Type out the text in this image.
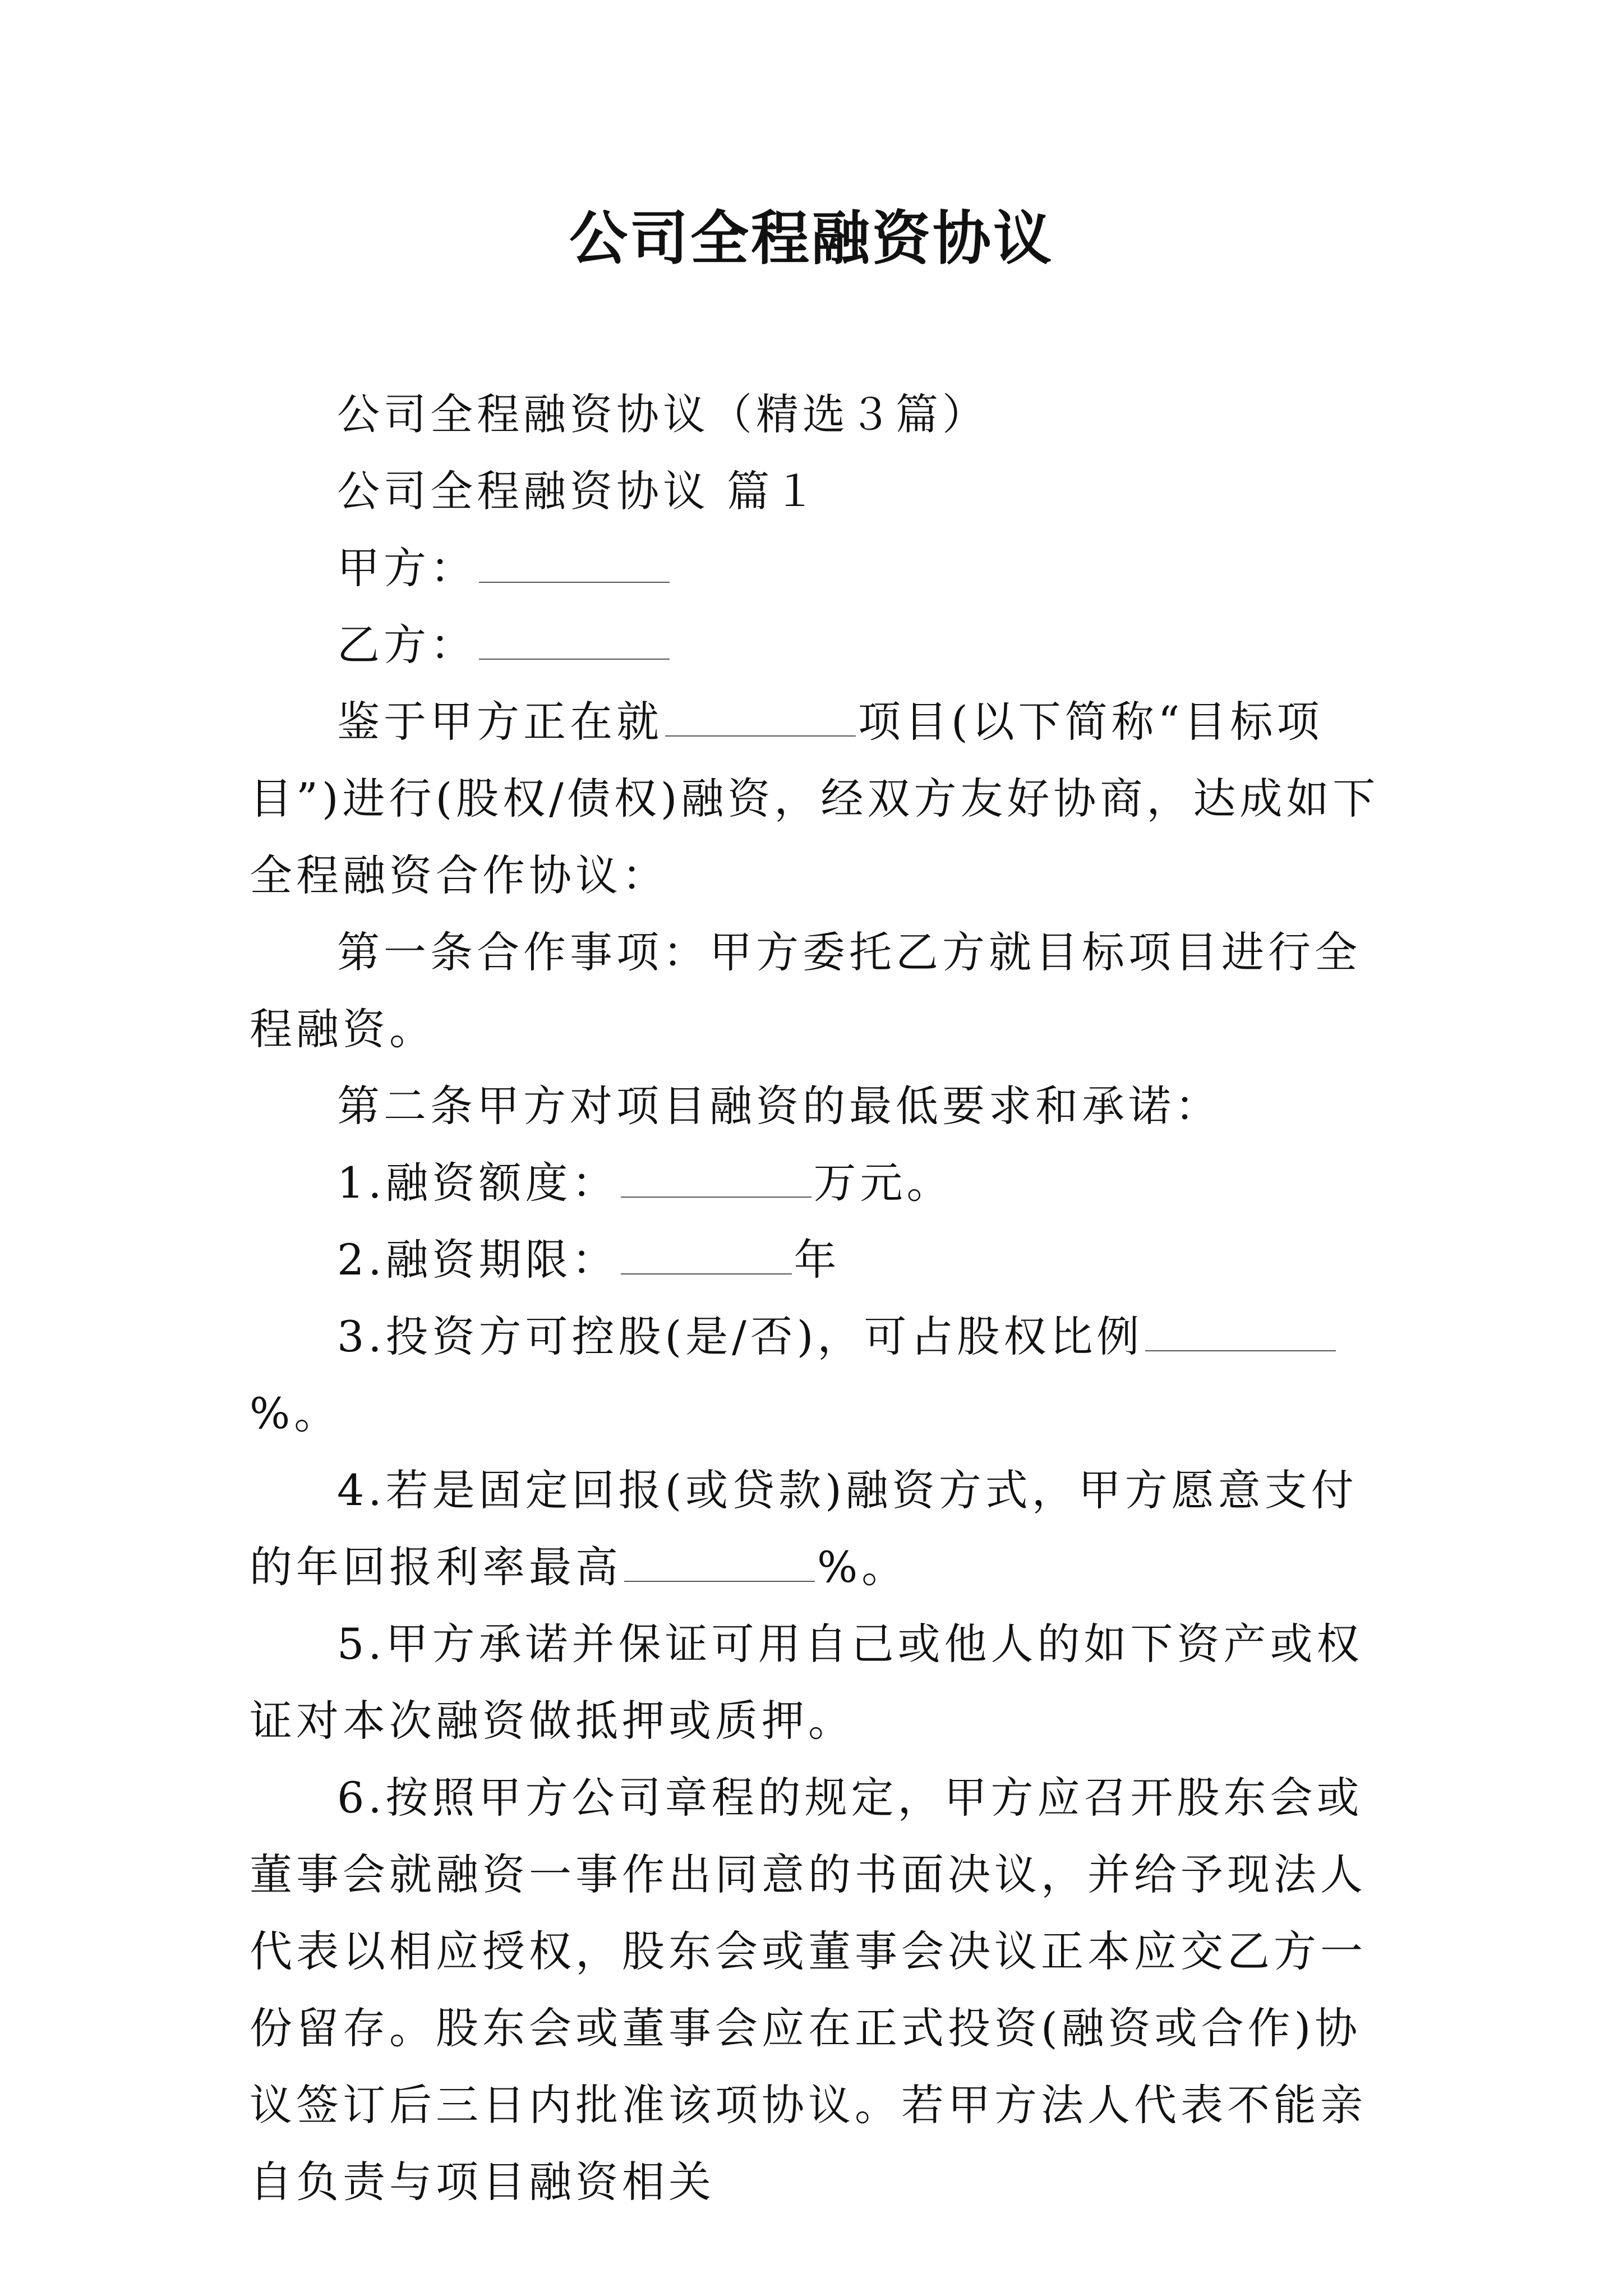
公司全程融资协议

公司全程融资协议（精选３篇）

公司全程融资协议 篇１

甲方：

乙方：

鉴于甲方正在就	项目(以下简称“目标项目”)进行(股权/债权)融资，经双方友好协商，达成如下全程融资合作协议：

第一条合作事项：甲方委托乙方就目标项目进行全程融资。

第二条甲方对项目融资的最低要求和承诺：

1.融资额度：	万元。

2.融资期限：	年

3.投资方可控股(是/否)，可占股权比例%。

4.若是固定回报(或贷款)融资方式，甲方愿意支付的年回报利率最高	%。

5.甲方承诺并保证可用自己或他人的如下资产或权证对本次融资做抵押或质押。

6.按照甲方公司章程的规定，甲方应召开股东会或董事会就融资一事作出同意的书面决议，并给予现法人代表以相应授权，股东会或董事会决议正本应交乙方一份留存。股东会或董事会应在正式投资(融资或合作)协议签订后三日内批准该项协议。若甲方法人代表不能亲自负责与项目融资相关
